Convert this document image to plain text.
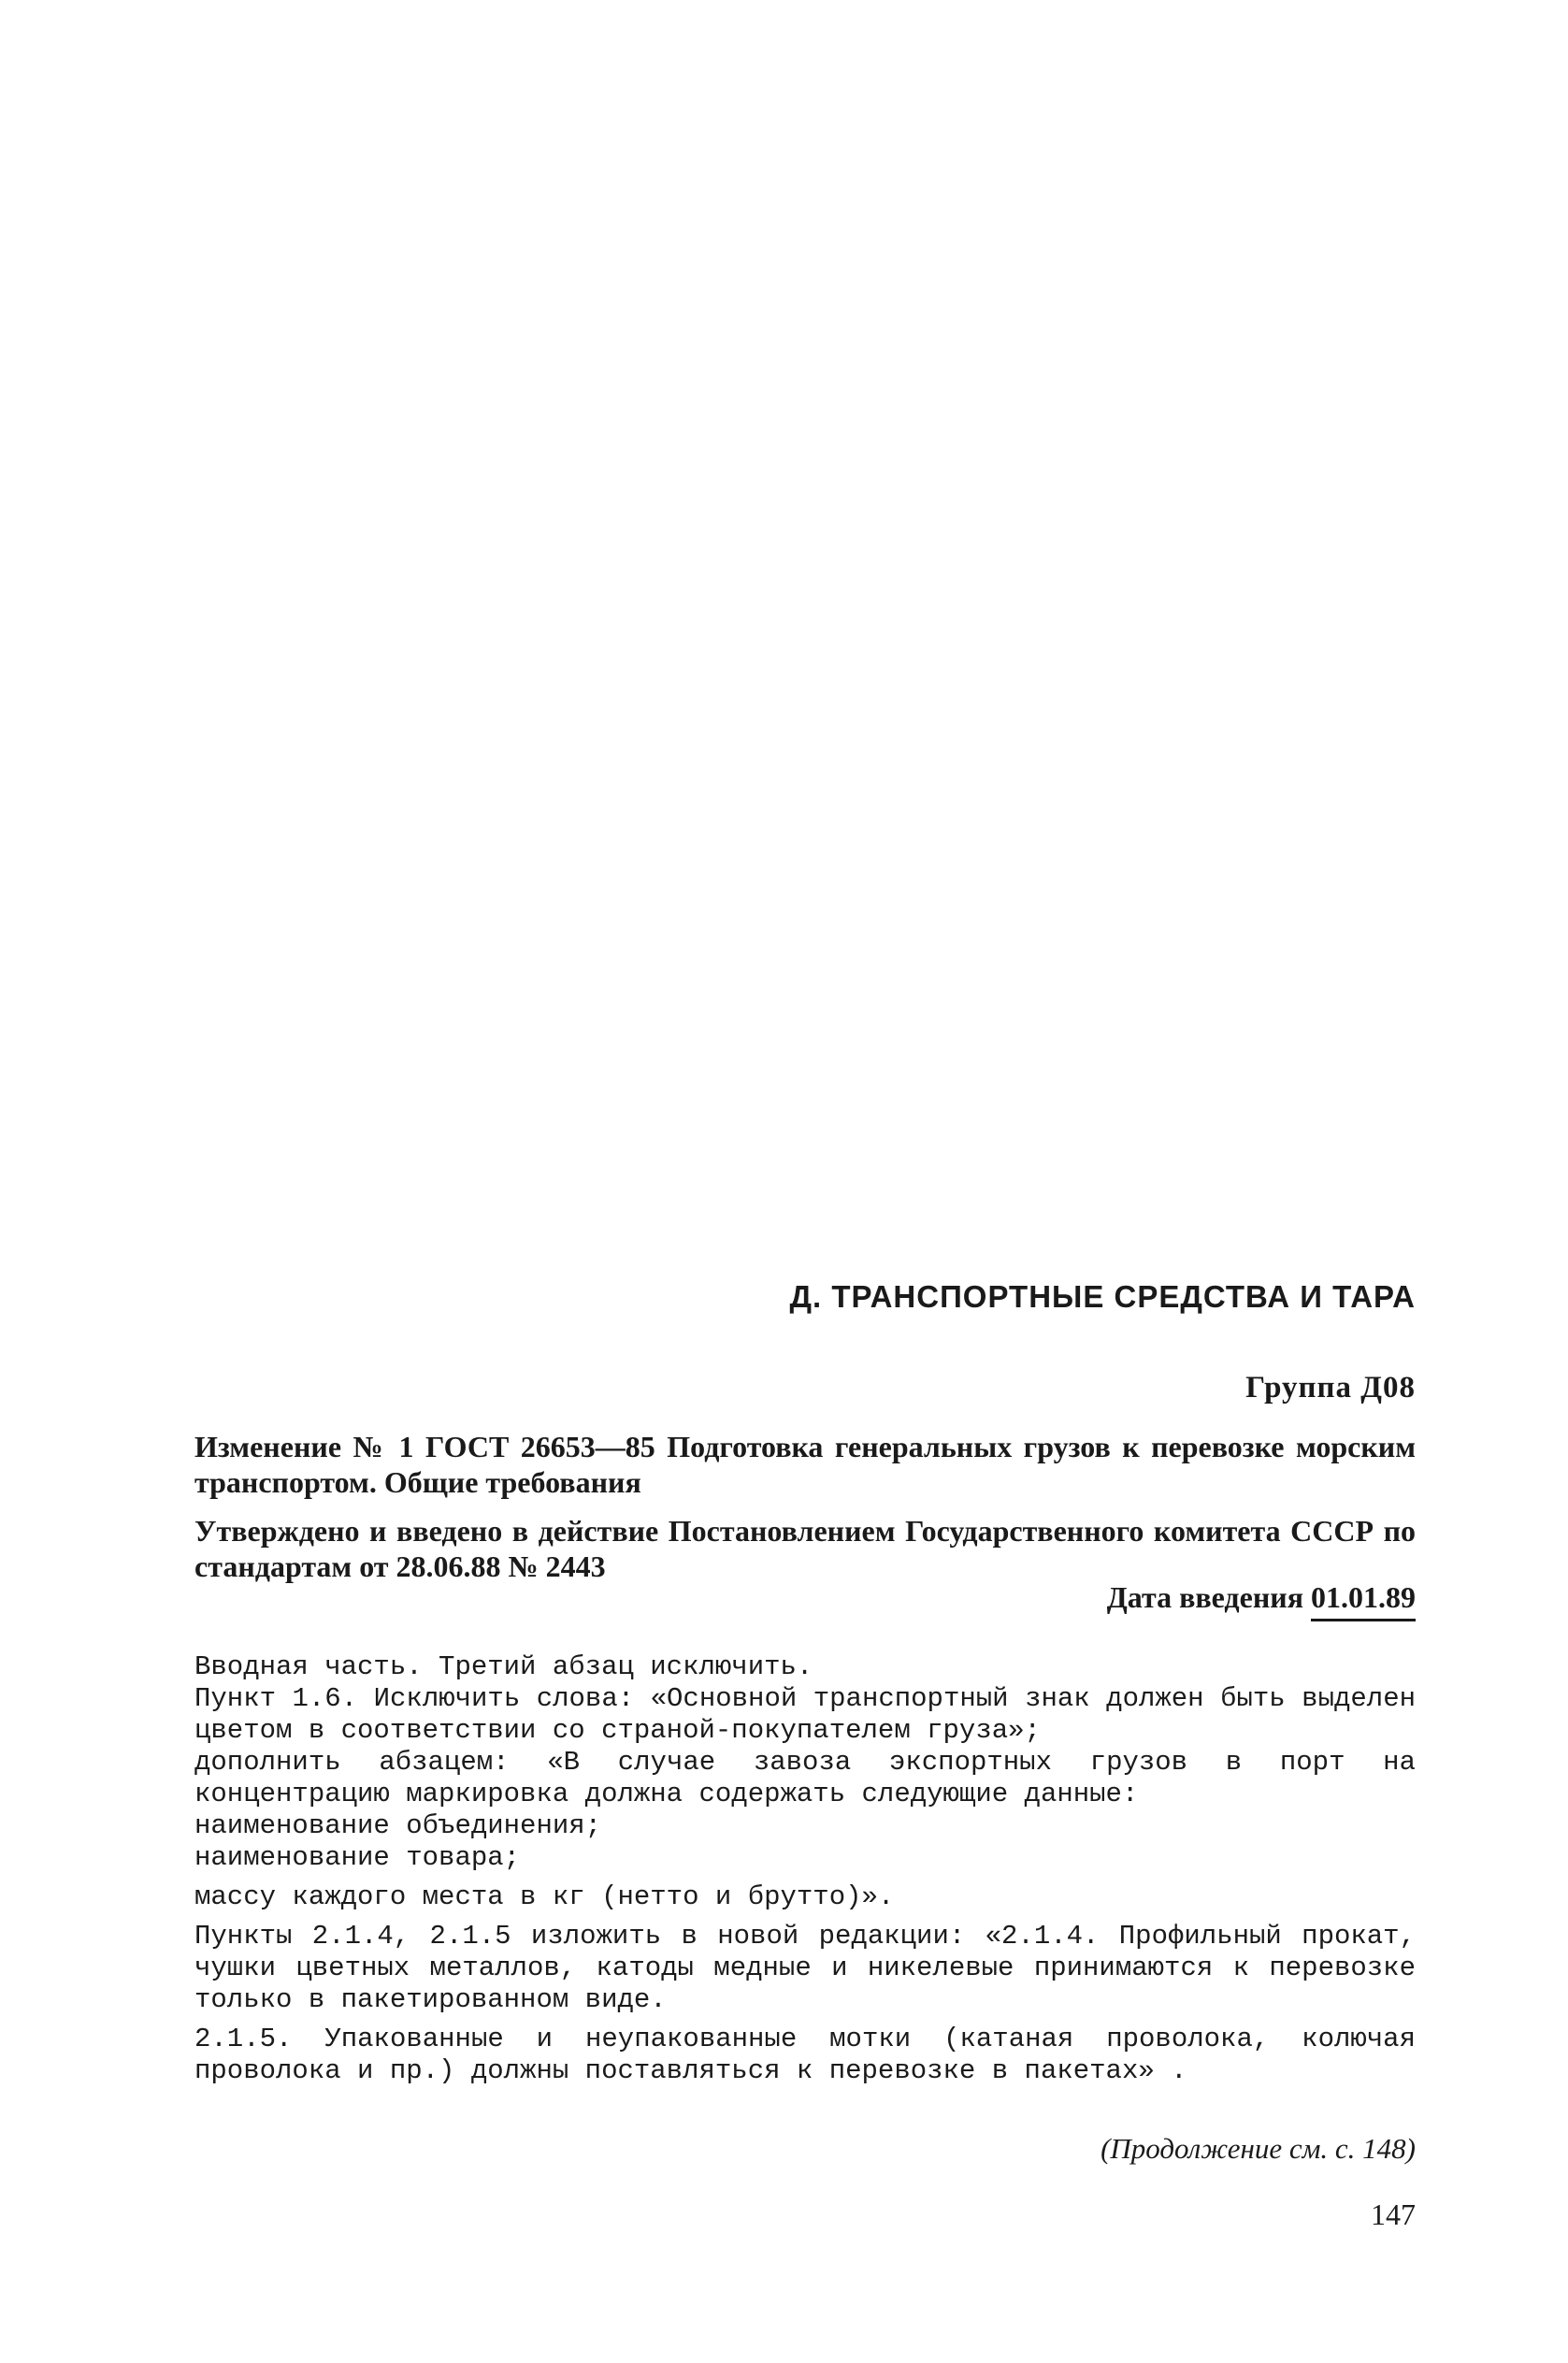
Д. ТРАНСПОРТНЫЕ СРЕДСТВА И ТАРА
Группа Д08
Изменение № 1 ГОСТ 26653—85 Подготовка генеральных грузов к перевозке морским транспортом. Общие требования
Утверждено и введено в действие Постановлением Государственного комитета СССР по стандартам от 28.06.88 № 2443
Дата введения 01.01.89

Вводная часть. Третий абзац исключить.

Пункт 1.6. Исключить слова: «Основной транспортный знак должен быть выделен цветом в соответствии со страной-покупателем груза»;

дополнить абзацем: «В случае завоза экспортных грузов в порт на концентрацию маркировка должна содержать следующие данные:

наименование объединения;

наименование товара;

массу каждого места в кг (нетто и брутто)».

Пункты 2.1.4, 2.1.5 изложить в новой редакции: «2.1.4. Профильный прокат, чушки цветных металлов, катоды медные и никелевые принимаются к перевозке только в пакетированном виде.

2.1.5. Упакованные и неупакованные мотки (катаная проволока, колючая проволока и пр.) должны поставляться к перевозке в пакетах» .

(Продолжение см. с. 148)
147
